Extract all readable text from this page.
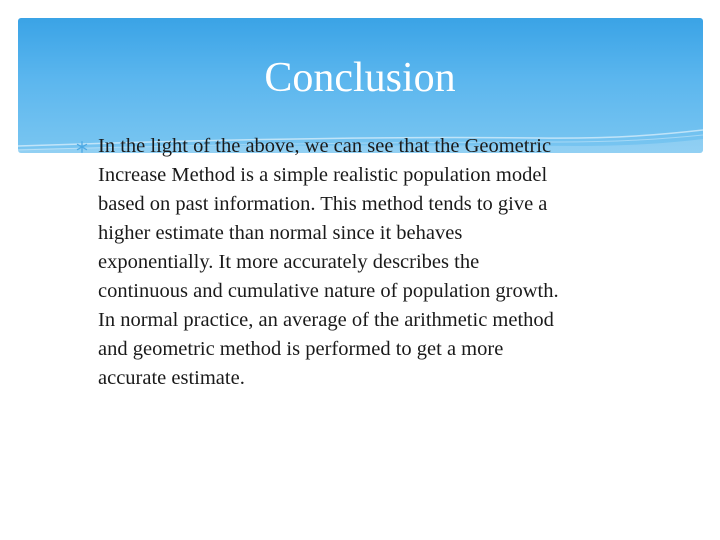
Conclusion

In the light of the above, we can see that the Geometric
Increase Method is a simple realistic population model
based on past information. This method tends to give a
higher estimate than normal since it behaves
exponentially. It more accurately describes the
continuous and cumulative nature of population growth.
In normal practice, an average of the arithmetic method
and geometric method is performed to get a more
accurate estimate.
